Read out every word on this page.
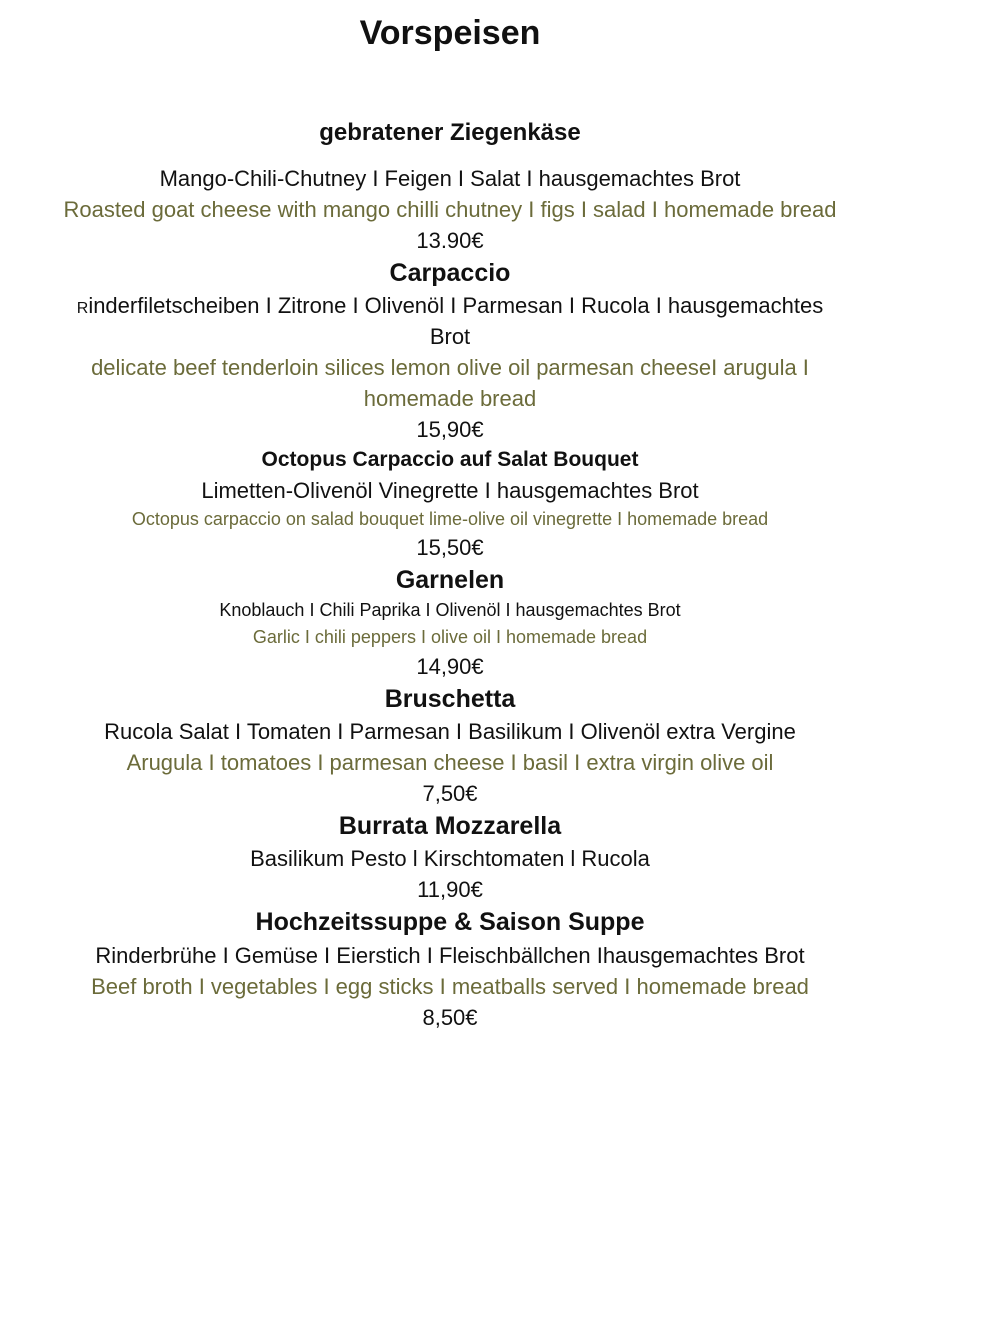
Vorspeisen
gebratener Ziegenkäse
Mango-Chili-Chutney I Feigen I Salat I hausgemachtes Brot
Roasted goat cheese with mango chilli chutney I figs I salad I homemade bread
13.90€
Carpaccio
Rinderfiletscheiben I Zitrone I Olivenöl I Parmesan I Rucola I hausgemachtes
Brot
delicate beef tenderloin silices lemon olive oil parmesan cheeseI arugula I
homemade bread
15,90€
Octopus Carpaccio auf Salat Bouquet
Limetten-Olivenöl Vinegrette I hausgemachtes Brot
Octopus carpaccio on salad bouquet lime-olive oil vinegrette I homemade bread
15,50€
Garnelen
Knoblauch I Chili Paprika I Olivenöl I hausgemachtes Brot
Garlic I chili peppers I olive oil I homemade bread
14,90€
Bruschetta
Rucola Salat I Tomaten I Parmesan I Basilikum I Olivenöl extra Vergine
Arugula I tomatoes I parmesan cheese I basil I extra virgin olive oil
7,50€
Burrata Mozzarella
Basilikum Pesto l Kirschtomaten l Rucola
11,90€
Hochzeitssuppe & Saison Suppe
Rinderbrühe I Gemüse I Eierstich I Fleischbällchen Ihausgemachtes Brot
Beef broth I vegetables I egg sticks I meatballs served I homemade bread
8,50€
